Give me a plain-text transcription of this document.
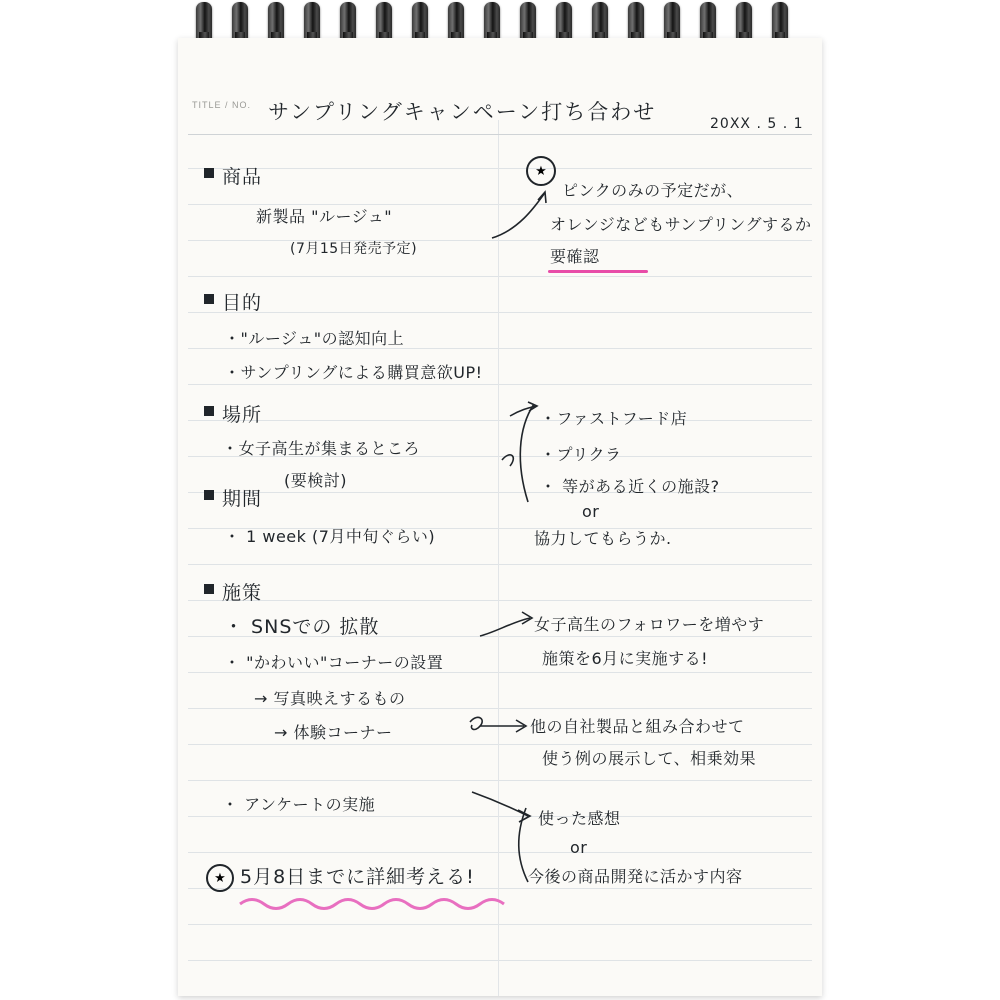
TITLE / NO. サンプリングキャンペーン打ち合わせ	20XX . 5 . 1
商品
新製品 "ルージュ"
(7月15日発売予定)
目的
・"ルージュ"の認知向上
・サンプリングによる購買意欲UP!
場所
・女子高生が集まるところ
(要検討)
期間
・ 1 week (7月中旬ぐらい)
施策
・ SNSでの 拡散
・ "かわいい"コーナーの設置
→ 写真映えするもの
→ 体験コーナー
・ アンケートの実施
★ 5月8日までに詳細考える!
★
ピンクのみの予定だが、
オレンジなどもサンプリングするか
要確認
・ファストフード店
・プリクラ
・ 等がある近くの施設?
or
協力してもらうか.
女子高生のフォロワーを増やす
施策を6月に実施する!
他の自社製品と組み合わせて
使う例の展示して、相乗効果
使った感想
or
今後の商品開発に活かす内容
